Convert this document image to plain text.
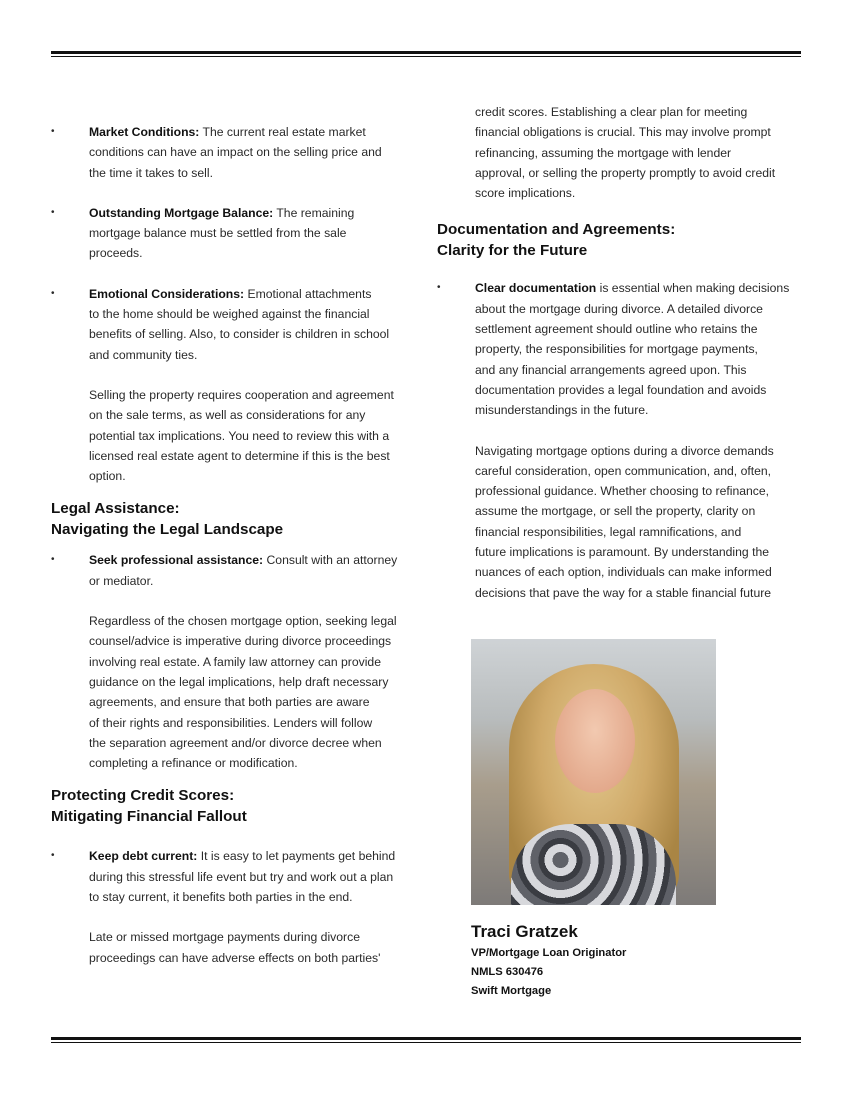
•	Market Conditions: The current real estate market
conditions can have an impact on the selling price and
the time it takes to sell.
•	Outstanding Mortgage Balance: The remaining
mortgage balance must be settled from the sale
proceeds.
•	Emotional Considerations: Emotional attachments
to the home should be weighed against the financial
benefits of selling. Also, to consider is children in school
and community ties.
Selling the property requires cooperation and agreement
on the sale terms, as well as considerations for any
potential tax implications. You need to review this with a
licensed real estate agent to determine if this is the best
option.
Legal Assistance:
Navigating the Legal Landscape
•	Seek professional assistance: Consult with an attorney
or mediator.
Regardless of the chosen mortgage option, seeking legal
counsel/advice is imperative during divorce proceedings
involving real estate. A family law attorney can provide
guidance on the legal implications, help draft necessary
agreements, and ensure that both parties are aware
of their rights and responsibilities. Lenders will follow
the separation agreement and/or divorce decree when
completing a refinance or modification.
Protecting Credit Scores:
Mitigating Financial Fallout
•	Keep debt current: It is easy to let payments get behind
during this stressful life event but try and work out a plan
to stay current, it benefits both parties in the end.
Late or missed mortgage payments during divorce
proceedings can have adverse effects on both parties'
credit scores. Establishing a clear plan for meeting
financial obligations is crucial. This may involve prompt
refinancing, assuming the mortgage with lender
approval, or selling the property promptly to avoid credit
score implications.
Documentation and Agreements:
Clarity for the Future
•	Clear documentation is essential when making decisions
about the mortgage during divorce. A detailed divorce
settlement agreement should outline who retains the
property, the responsibilities for mortgage payments,
and any financial arrangements agreed upon. This
documentation provides a legal foundation and avoids
misunderstandings in the future.
Navigating mortgage options during a divorce demands
careful consideration, open communication, and, often,
professional guidance. Whether choosing to refinance,
assume the mortgage, or sell the property, clarity on
financial responsibilities, legal ramnifications, and
future implications is paramount. By understanding the
nuances of each option, individuals can make informed
decisions that pave the way for a stable financial future
Traci Gratzek
VP/Mortgage Loan Originator
NMLS 630476
Swift Mortgage
